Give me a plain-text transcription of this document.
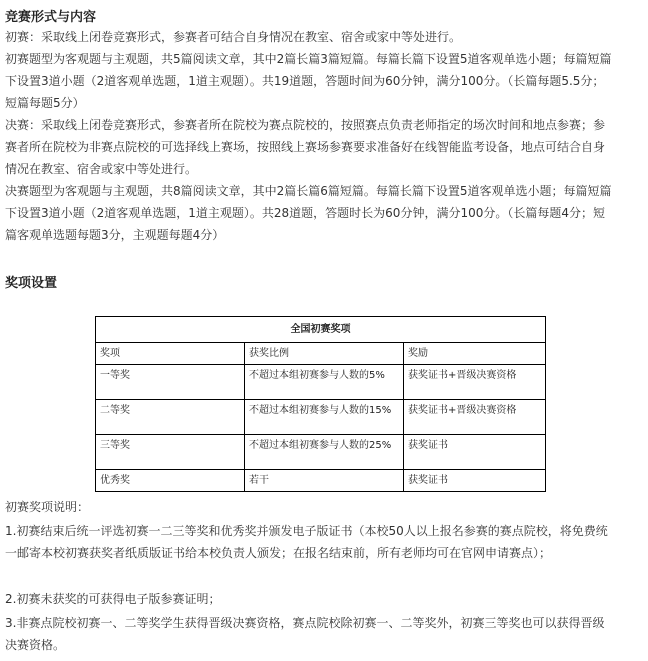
竞赛形式与内容
初赛：采取线上闭卷竞赛形式，参赛者可结合自身情况在教室、宿舍或家中等处进行。
初赛题型为客观题与主观题，共5篇阅读文章，其中2篇长篇3篇短篇。每篇长篇下设置5道客观单选小题；每篇短篇下设置3道小题（2道客观单选题，1道主观题）。共19道题，答题时间为60分钟，满分100分。（长篇每题5.5分；短篇每题5分）
决赛：采取线上闭卷竞赛形式，参赛者所在院校为赛点院校的，按照赛点负责老师指定的场次时间和地点参赛；参赛者所在院校为非赛点院校的可选择线上赛场，按照线上赛场参赛要求准备好在线智能监考设备，地点可结合自身情况在教室、宿舍或家中等处进行。
决赛题型为客观题与主观题，共8篇阅读文章，其中2篇长篇6篇短篇。每篇长篇下设置5道客观单选小题；每篇短篇下设置3道小题（2道客观单选题，1道主观题）。共28道题，答题时长为60分钟，满分100分。（长篇每题4分；短篇客观单选题每题3分，主观题每题4分）
奖项设置
全国初赛奖项		
奖项	获奖比例	奖励
一等奖	不超过本组初赛参与人数的5%	获奖证书+晋级决赛资格
二等奖	不超过本组初赛参与人数的15%	获奖证书+晋级决赛资格
三等奖	不超过本组初赛参与人数的25%	获奖证书
优秀奖	若干	获奖证书
初赛奖项说明：
1.初赛结束后统一评选初赛一二三等奖和优秀奖并颁发电子版证书（本校50人以上报名参赛的赛点院校，将免费统一邮寄本校初赛获奖者纸质版证书给本校负责人颁发；在报名结束前，所有老师均可在官网申请赛点）；
2.初赛未获奖的可获得电子版参赛证明；
3.非赛点院校初赛一、二等奖学生获得晋级决赛资格，赛点院校除初赛一、二等奖外，初赛三等奖也可以获得晋级决赛资格。
